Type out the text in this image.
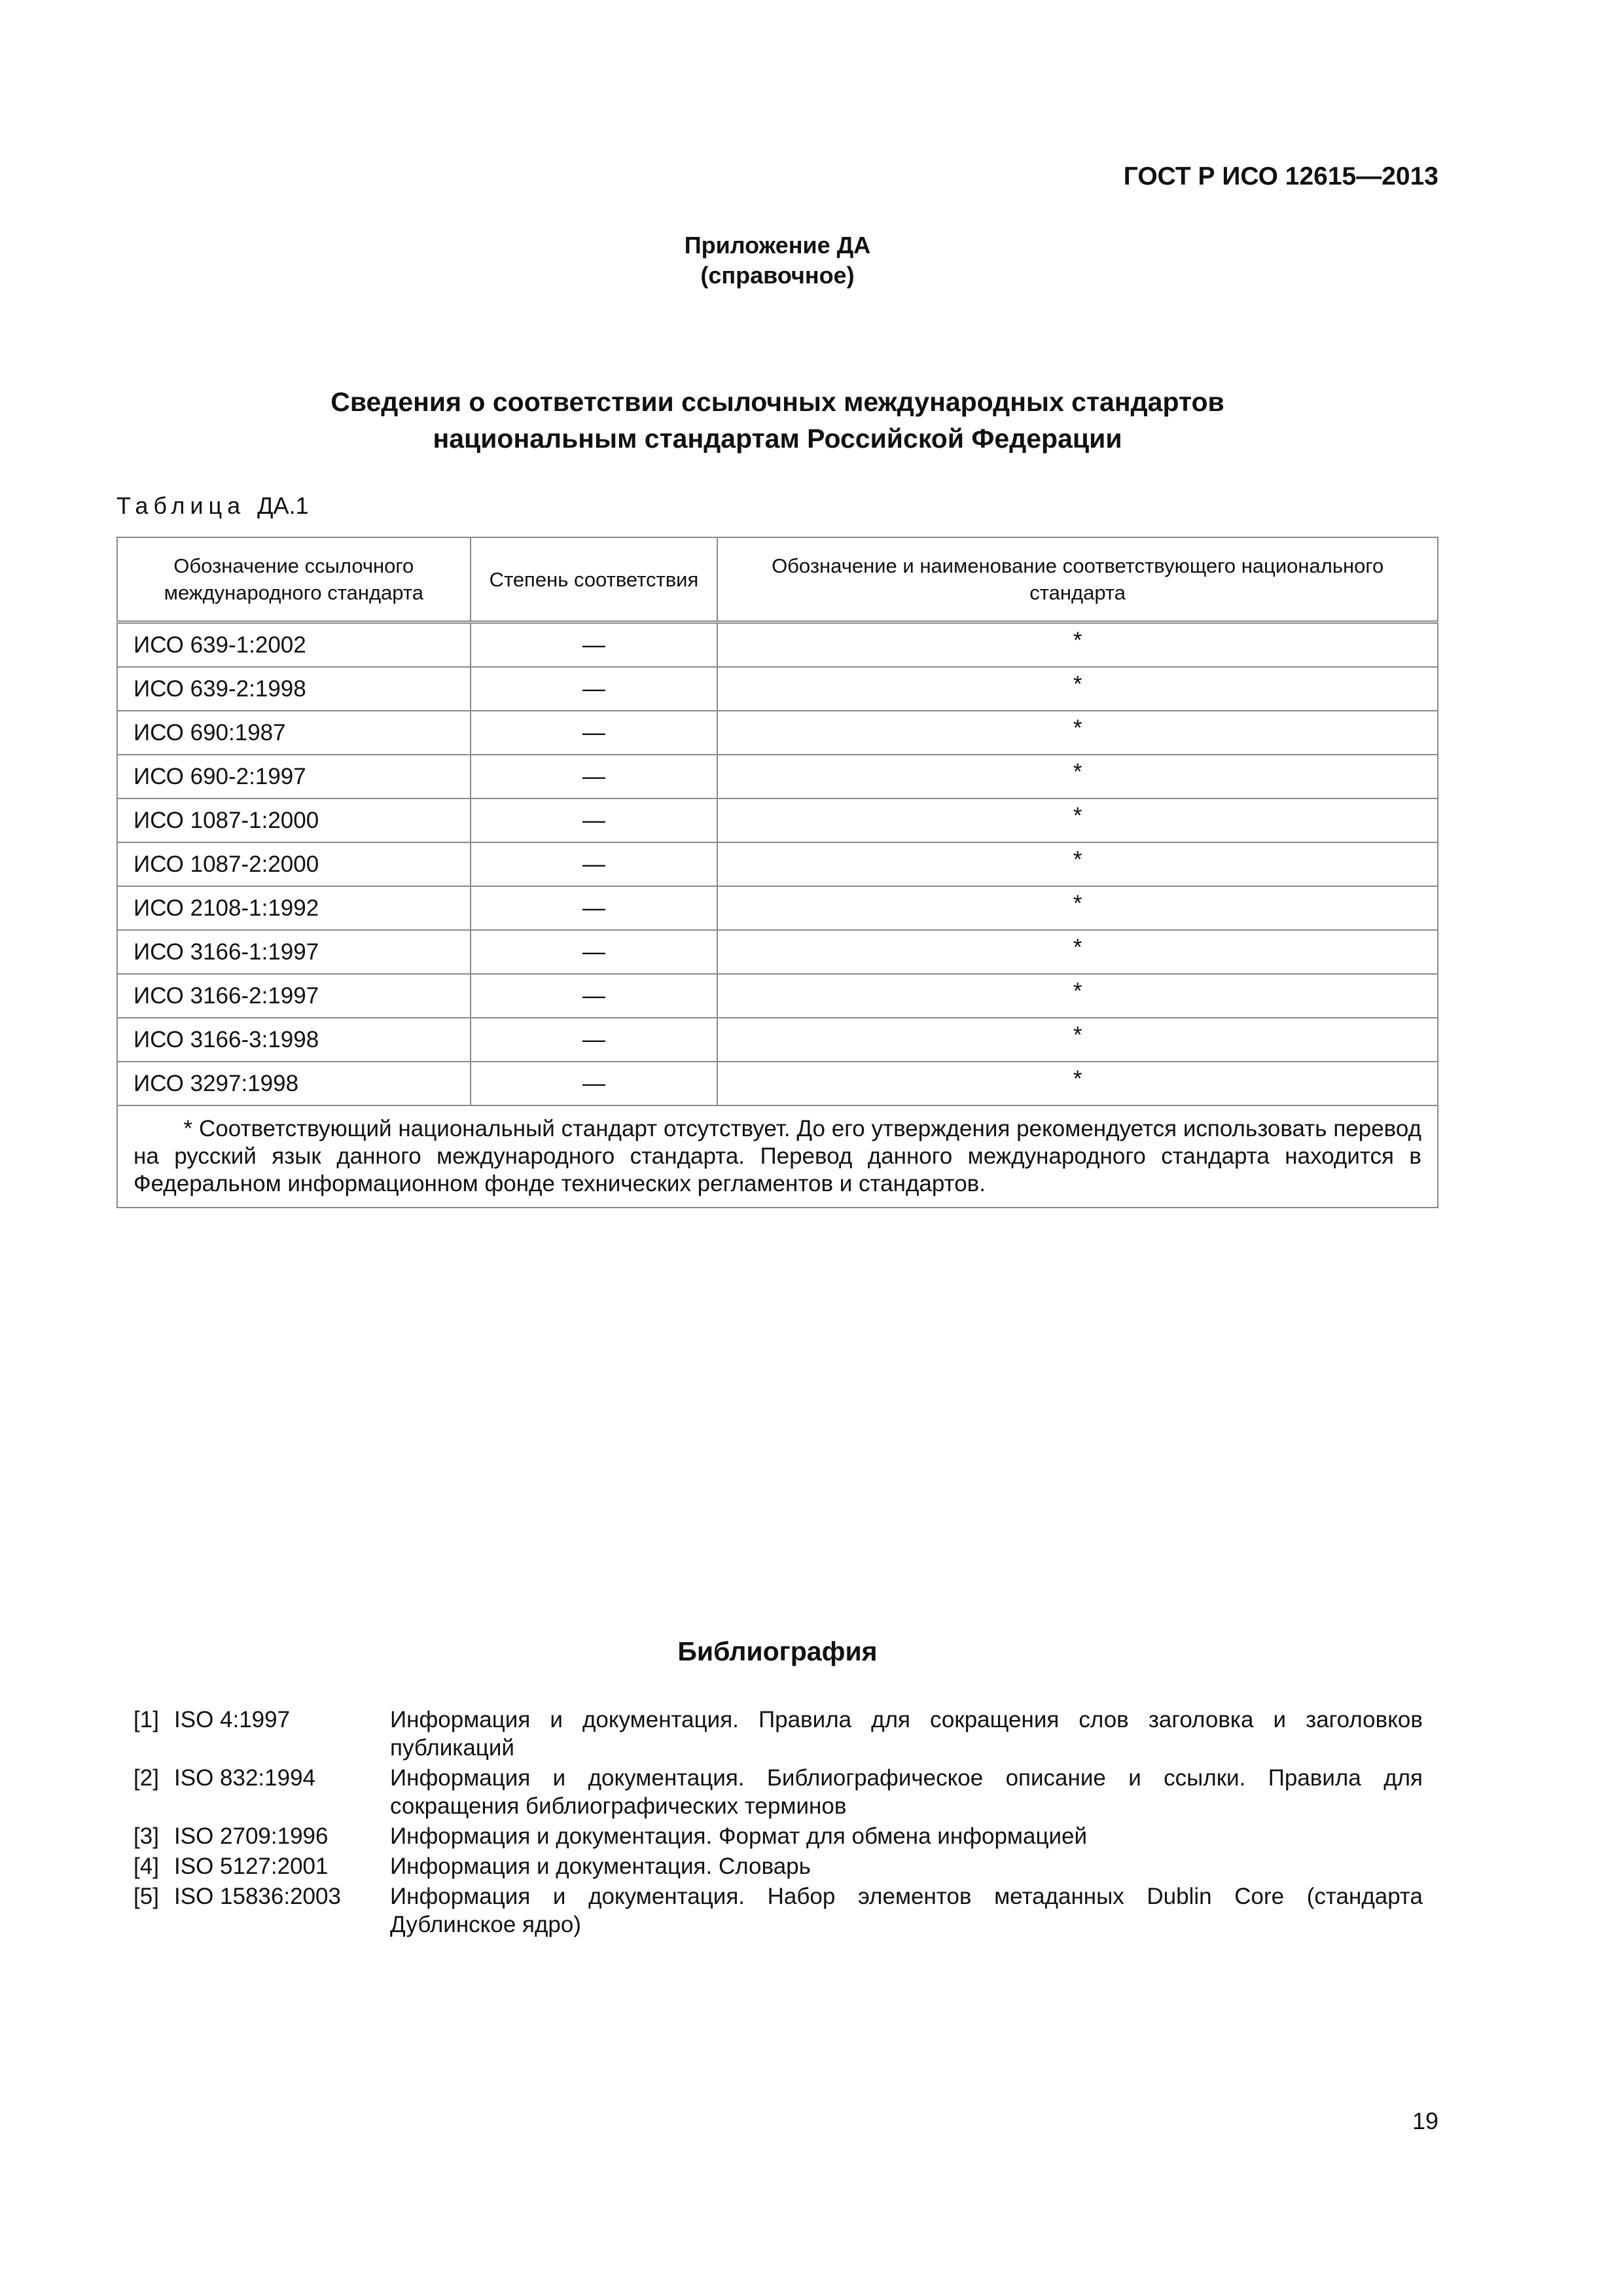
ГОСТ Р ИСО 12615—2013
Приложение ДА
(справочное)
Сведения о соответствии ссылочных международных стандартов
национальным стандартам Российской Федерации
Таблица ДА.1
Обозначение ссылочного международного стандарта	Степень соответствия	Обозначение и наименование соответствующего национального стандарта
ИСО 639-1:2002	—	*
ИСО 639-2:1998	—	*
ИСО 690:1987	—	*
ИСО 690-2:1997	—	*
ИСО 1087-1:2000	—	*
ИСО 1087-2:2000	—	*
ИСО 2108-1:1992	—	*
ИСО 3166-1:1997	—	*
ИСО 3166-2:1997	—	*
ИСО 3166-3:1998	—	*
ИСО 3297:1998	—	*
* Соответствующий национальный стандарт отсутствует. До его утверждения рекомендуется использовать перевод на русский язык данного международного стандарта. Перевод данного международного стандарта находится в Федеральном информационном фонде технических регламентов и стандартов.		
Библиография
[1] ISO 4:1997	Информация и документация. Правила для сокращения слов заголовка и заголовков публикаций
[2] ISO 832:1994	Информация и документация. Библиографическое описание и ссылки. Правила для сокращения библиографических терминов
[3] ISO 2709:1996	Информация и документация. Формат для обмена информацией
[4] ISO 5127:2001	Информация и документация. Словарь
[5] ISO 15836:2003	Информация и документация. Набор элементов метаданных Dublin Core (стандарта Дублинское ядро)
19
